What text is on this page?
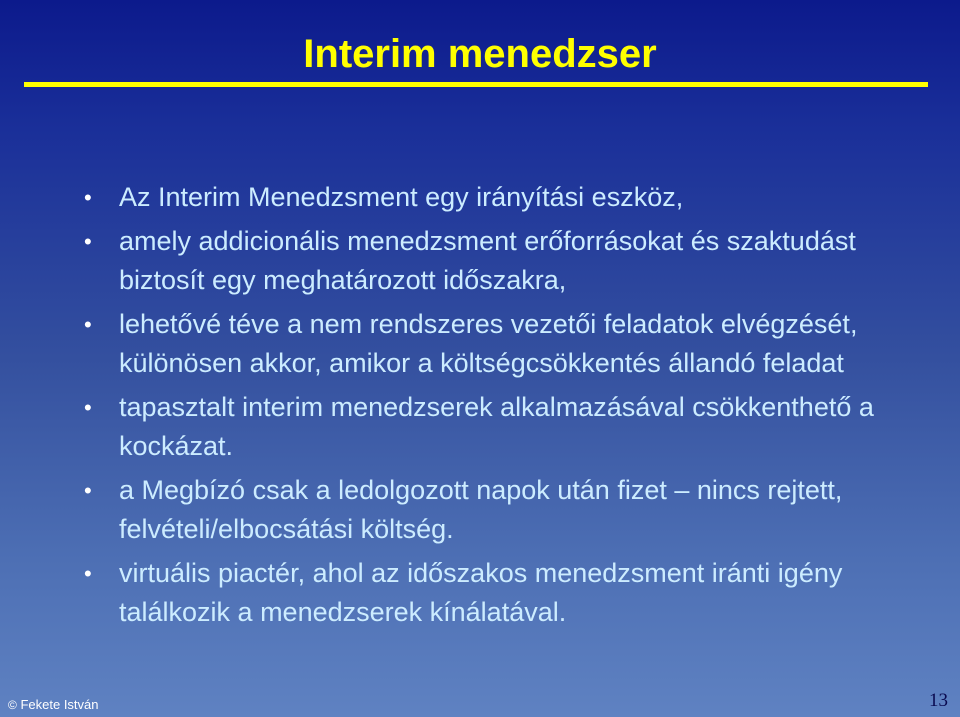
Interim menedzser
• Az Interim Menedzsment egy irányítási eszköz,
• amely addicionális menedzsment erőforrásokat és szaktudást biztosít egy meghatározott időszakra,
• lehetővé téve a nem rendszeres vezetői feladatok elvégzését, különösen akkor, amikor a költségcsökkentés állandó feladat
• tapasztalt interim menedzserek alkalmazásával csökkenthető a kockázat.
• a Megbízó csak a ledolgozott napok után fizet – nincs rejtett, felvételi/elbocsátási költség.
• virtuális piactér, ahol az időszakos menedzsment iránti igény találkozik a menedzserek kínálatával.
© Fekete István	13
